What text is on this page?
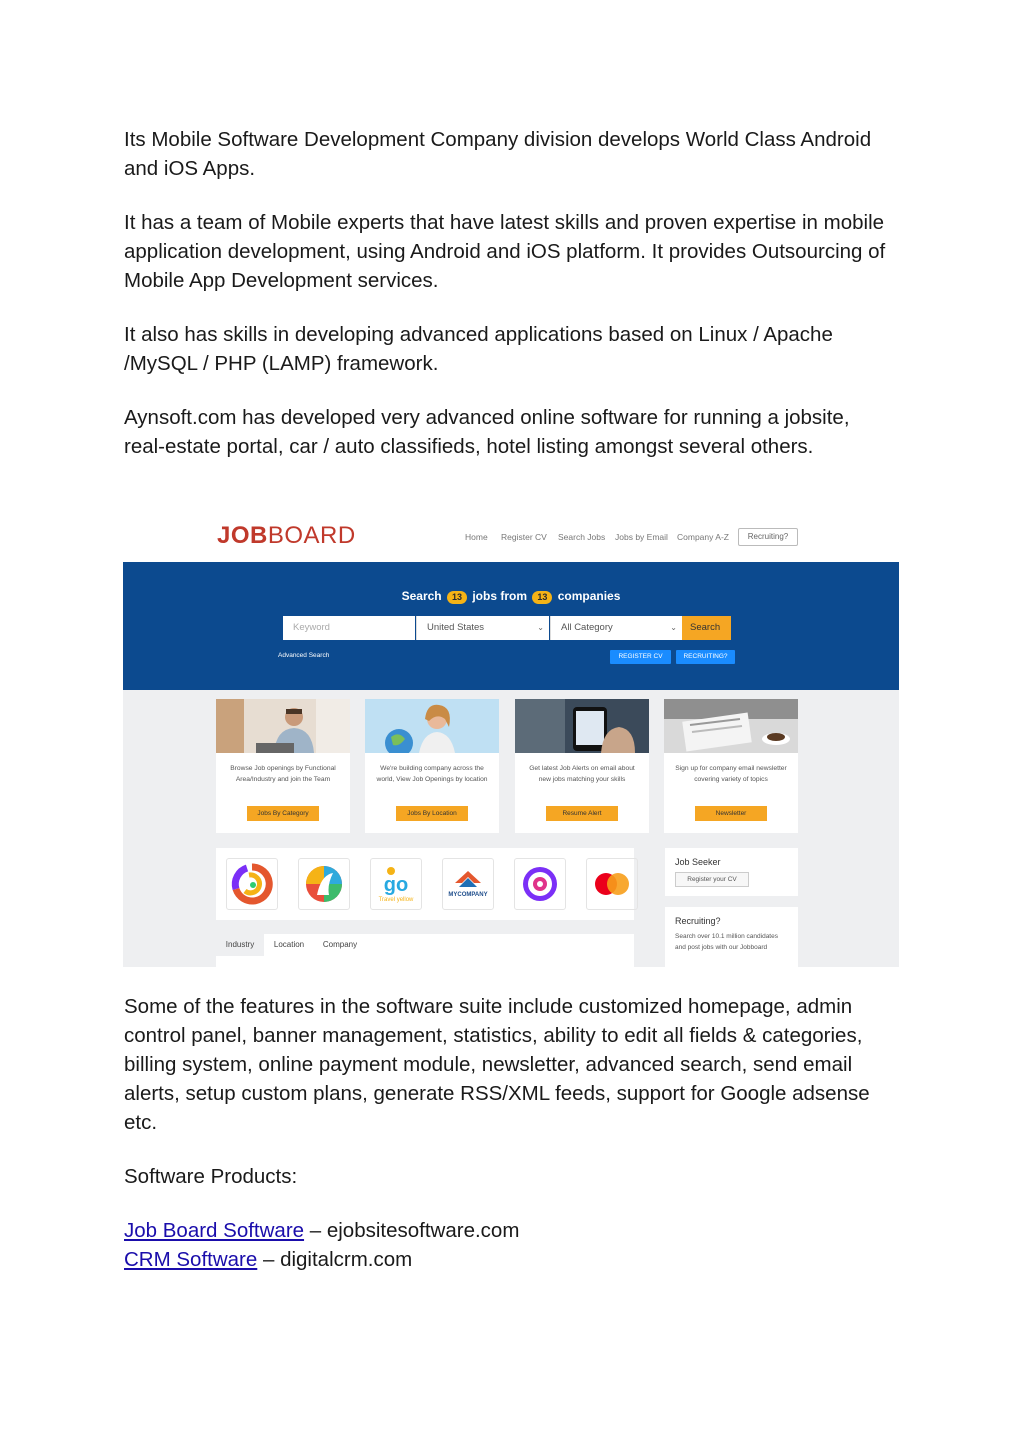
Its Mobile Software Development Company division develops World Class Android and iOS Apps.

It has a team of Mobile experts that have latest skills and proven expertise in mobile application development, using Android and iOS platform. It provides Outsourcing of Mobile App Development services.

It also has skills in developing advanced applications based on Linux / Apache /MySQL / PHP (LAMP) framework.

Aynsoft.com has developed very advanced online software for running a jobsite, real-estate portal, car / auto classifieds, hotel listing amongst several others.

JOBBOARD	Home Register CV Search Jobs Jobs by Email Company A-Z	Recruiting?
Search 13 jobs from 13 companies
Keyword	United States	⌄	All Category	⌄	Search
Advanced Search	REGISTER CV	RECRUITING?
Browse Job openings by Functional Area/Industry and join the Team
Jobs By Category
We're building company across the world, View Job Openings by location
Jobs By Location
Get latest Job Alerts on email about new jobs matching your skills
Resume Alert
Sign up for company email newsletter covering variety of topics
Newsletter
go
Travel yellow
MYCOMPANY
Industry	Location	Company
Job Seeker
Register your CV
Recruiting?
Search over 10.1 million candidates and post jobs with our Jobboard

Some of the features in the software suite include customized homepage, admin control panel, banner management, statistics, ability to edit all fields & categories, billing system, online payment module, newsletter, advanced search, send email alerts, setup custom plans, generate RSS/XML feeds, support for Google adsense etc.

Software Products:

Job Board Software – ejobsitesoftware.com
CRM Software – digitalcrm.com
